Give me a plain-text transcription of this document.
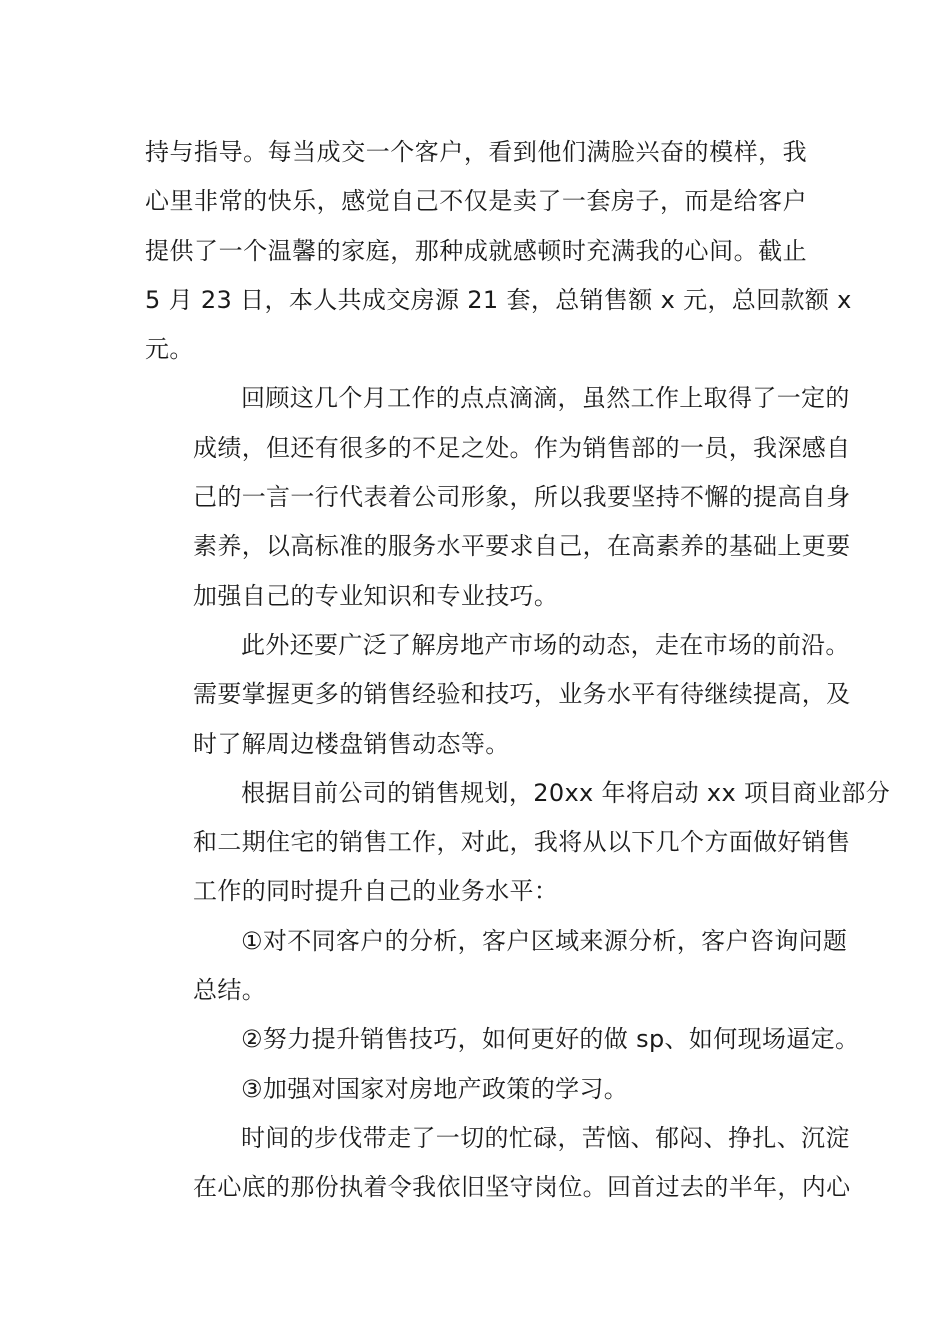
持与指导。每当成交一个客户，看到他们满脸兴奋的模样，我
心里非常的快乐，感觉自己不仅是卖了一套房子，而是给客户
提供了一个温馨的家庭，那种成就感顿时充满我的心间。截止
5 月 23 日，本人共成交房源 21 套，总销售额 x 元，总回款额 x
元。
回顾这几个月工作的点点滴滴，虽然工作上取得了一定的
成绩，但还有很多的不足之处。作为销售部的一员，我深感自
己的一言一行代表着公司形象，所以我要坚持不懈的提高自身
素养，以高标准的服务水平要求自己，在高素养的基础上更要
加强自己的专业知识和专业技巧。
此外还要广泛了解房地产市场的动态，走在市场的前沿。
需要掌握更多的销售经验和技巧，业务水平有待继续提高，及
时了解周边楼盘销售动态等。
根据目前公司的销售规划，20xx 年将启动 xx 项目商业部分
和二期住宅的销售工作，对此，我将从以下几个方面做好销售
工作的同时提升自己的业务水平：
①对不同客户的分析，客户区域来源分析，客户咨询问题
总结。
②努力提升销售技巧，如何更好的做 sp、如何现场逼定。
③加强对国家对房地产政策的学习。
时间的步伐带走了一切的忙碌，苦恼、郁闷、挣扎、沉淀
在心底的那份执着令我依旧坚守岗位。回首过去的半年，内心
